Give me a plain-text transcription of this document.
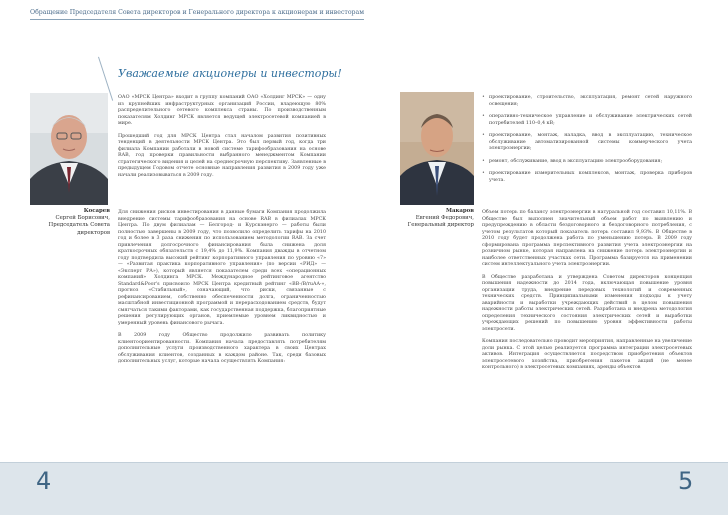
Обращение Председателя Совета директоров и Генерального директора к акционерам и инвесторам
Уважаемые акционеры и инвесторы!
Косарев
Сергей Борисович,
Председатель Совета директоров
Макаров
Евгений Федорович,
Генеральный директор

ОАО «МРСК Центра» входит в группу компаний ОАО «Холдинг МРСК» — одну из крупнейших инфраструктурных организаций России, владеющую 80% распределительного сетевого комплекса страны. По производственным показателям Холдинг МРСК является ведущей электросетевой компанией в мире.

Прошедший год для МРСК Центра стал началом развития позитивных тенденций в деятельности МРСК Центра. Это был первый год, когда три филиала Компании работали в новой системе тарифообразования на основе RAB, год проверки правильности выбранного менеджментом Компании стратегического видения и целей на среднесрочную перспективу. Заявленные в предыдущем Годовом отчете основные направления развития в 2009 году уже начали реализовываться в 2009 году.

Для снижения рисков инвестирования в данные бумаги Компания продолжила внедрение системы тарифообразования на основе RAB в филиалах МРСК Центра. По двум филиалам — Белгород- и Курскэнерго — работы были полностью завершены в 2009 году, что позволило определить тарифы на 2010 год и более в 3 раза снижения по использованием методологии RAB. За счет привлечения долгосрочного финансирования была снижена доля краткосрочных обязательств с 19,4% до 11,9%. Компания дважды в отчетном году подтвердила высокий рейтинг корпоративного управления по уровню «7» — «Развитая практика корпоративного управления» (по версии «РИД» — «Эксперт РА»), который является показателем среди всех «операционных компаний» Холдинга МРСК. Международное рейтинговое агентство Standard&Poor's присвоило МРСК Центра кредитный рейтинг «BB-/B/ruAA-», прогноз «Стабильный», означающий, что риски, связанные с рефинансированием, собственно обеспеченности долга, ограниченностью масштабной инвестиционной программой и перерасходованием средств, будут смягчаться такими факторами, как государственная поддержка, благоприятные решения регулирующих органов, приемлемые уровнем ликвидностью и умеренный уровень финансового рычага.

В 2009 году Общество продолжило развивать политику клиентоориентированности. Компания начала предоставлять потребителям дополнительные услуги производственного характера в своих Центрах обслуживания клиентов, созданных в каждом районе. Так, среди базовых дополнительных услуг, которые начала осуществлять Компания:

• проектирование, строительство, эксплуатация, ремонт сетей наружного освещения;
• оперативно-техническое управление и обслуживание электрических сетей потребителей 110–0,4 кВ;
• проектирование, монтаж, наладка, ввод в эксплуатацию, техническое обслуживание автоматизированной системы коммерческого учета электроэнергии;
• ремонт, обслуживание, ввод в эксплуатацию электрооборудования;
• проектирование измерительных комплексов, монтаж, проверка приборов учета.

Объем потерь по балансу электроэнергии в натуральной год составил 10,11%. В Обществе был выполнен значительный объем работ по выявлению и предупреждению в области бездоговорного и бездоговорного потребления, с учетом результатов который показатель потерь составил 9,93%. В Обществе в 2010 году будет продолжена работа по уменьшению потерь. В 2009 году сформирована программа перспективного развития учета электроэнергии на розничном рынке, которая направлена на снижение потерь электроэнергии и наиболее ответственных участках сети. Программа базируется на применении систем интеллектуального учета электроэнергии.

В Обществе разработана и утверждена Советом директоров концепция повышения надежности до 2014 года, включающая повышение уровня организации труда, внедрение передовых технологий и современных технических средств. Принципиальными изменения подходы к учету аварийности и выработки учреждающих действий в целом повышения надежности работы электрических сетей. Разработана и внедрена методология определения технического состояния электрических сетей и выработки учреждающих решений по повышению уровня эффективности работы электросети.

Компания последовательно проводит мероприятия, направленные на увеличение доли рынка. С этой целью реализуется программа интеграции электросетевых активов. Интеграция осуществляется посредством приобретения объектов электросетевого хозяйства, приобретения пакетов акций (не менее контрольного) в электросетевых компаниях, аренды объектов

4	5
